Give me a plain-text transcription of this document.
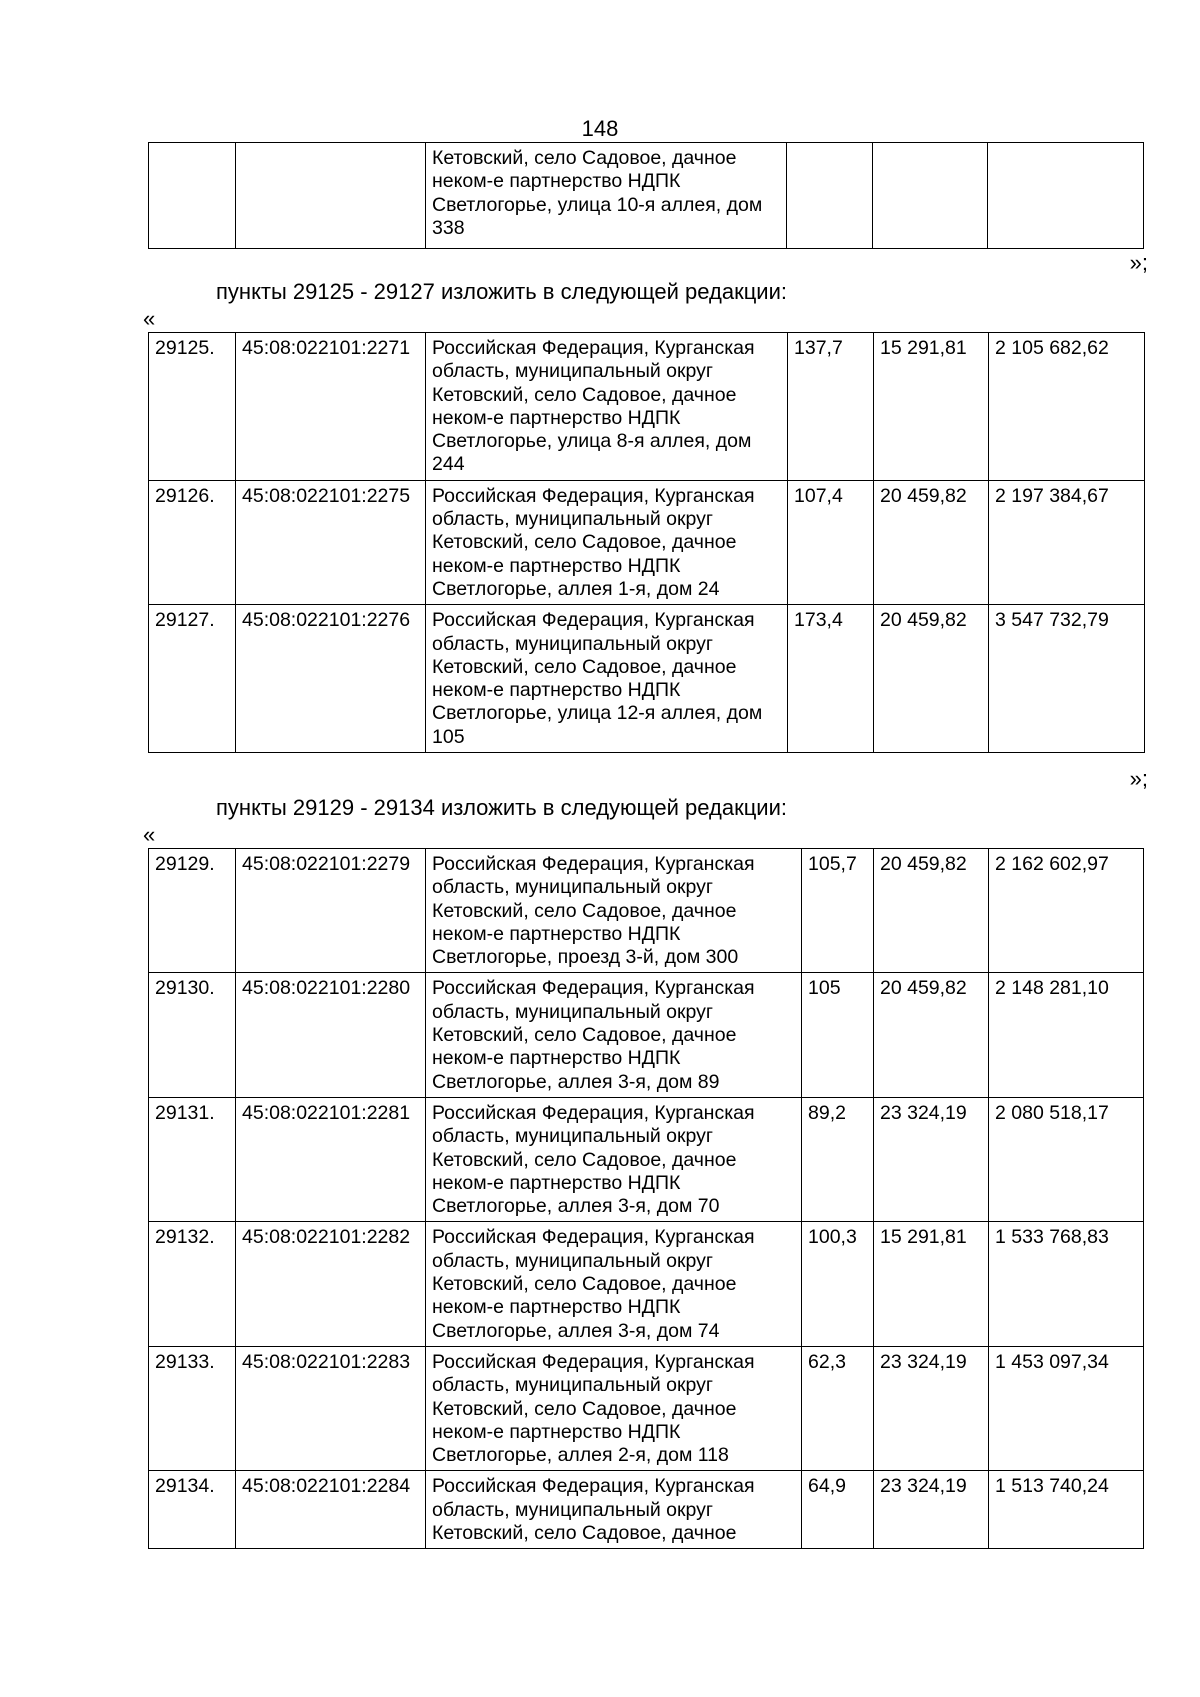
148
		Кетовский, село Садовое, дачное неком-е партнерство НДПК Светлогорье, улица 10-я аллея, дом 338			
»;
пункты 29125 - 29127 изложить в следующей редакции:
«
29125.	45:08:022101:2271	Российская Федерация, Курганская область, муниципальный округ Кетовский, село Садовое, дачное неком-е партнерство НДПК Светлогорье, улица 8-я аллея, дом 244	137,7	15 291,81	2 105 682,62
29126.	45:08:022101:2275	Российская Федерация, Курганская область, муниципальный округ Кетовский, село Садовое, дачное неком-е партнерство НДПК Светлогорье, аллея 1-я, дом 24	107,4	20 459,82	2 197 384,67
29127.	45:08:022101:2276	Российская Федерация, Курганская область, муниципальный округ Кетовский, село Садовое, дачное неком-е партнерство НДПК Светлогорье, улица 12-я аллея, дом 105	173,4	20 459,82	3 547 732,79
»;
пункты 29129 - 29134 изложить в следующей редакции:
«
29129.	45:08:022101:2279	Российская Федерация, Курганская область, муниципальный округ Кетовский, село Садовое, дачное неком-е партнерство НДПК Светлогорье, проезд 3-й, дом 300	105,7	20 459,82	2 162 602,97
29130.	45:08:022101:2280	Российская Федерация, Курганская область, муниципальный округ Кетовский, село Садовое, дачное неком-е партнерство НДПК Светлогорье, аллея 3-я, дом 89	105	20 459,82	2 148 281,10
29131.	45:08:022101:2281	Российская Федерация, Курганская область, муниципальный округ Кетовский, село Садовое, дачное неком-е партнерство НДПК Светлогорье, аллея 3-я, дом 70	89,2	23 324,19	2 080 518,17
29132.	45:08:022101:2282	Российская Федерация, Курганская область, муниципальный округ Кетовский, село Садовое, дачное неком-е партнерство НДПК Светлогорье, аллея 3-я, дом 74	100,3	15 291,81	1 533 768,83
29133.	45:08:022101:2283	Российская Федерация, Курганская область, муниципальный округ Кетовский, село Садовое, дачное неком-е партнерство НДПК Светлогорье, аллея 2-я, дом 118	62,3	23 324,19	1 453 097,34
29134.	45:08:022101:2284	Российская Федерация, Курганская область, муниципальный округ Кетовский, село Садовое, дачное	64,9	23 324,19	1 513 740,24
